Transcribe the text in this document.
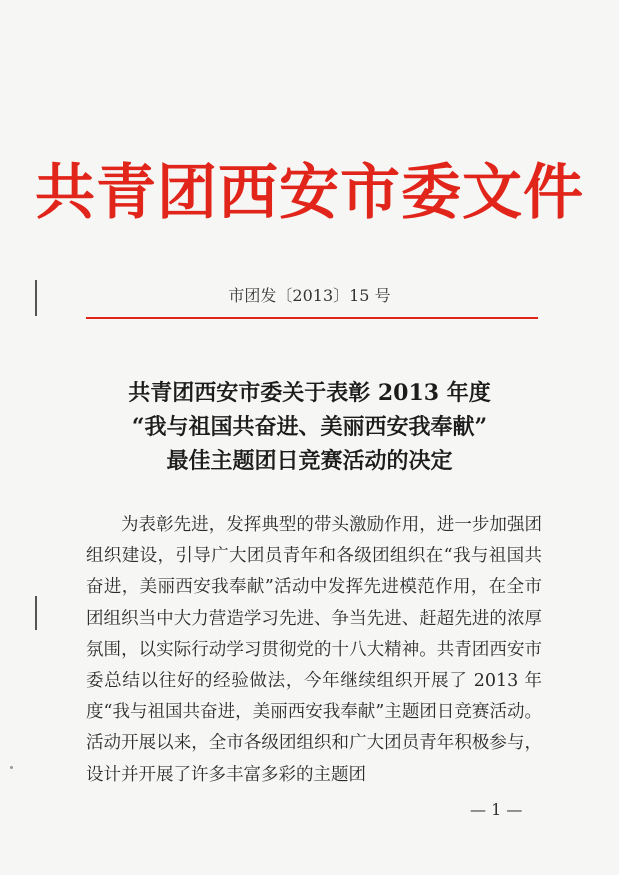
共青团西安市委文件
市团发〔2013〕15 号
共青团西安市委关于表彰 2013 年度
“我与祖国共奋进、美丽西安我奉献”
最佳主题团日竞赛活动的决定
为表彰先进，发挥典型的带头激励作用，进一步加强团组织建设，引导广大团员青年和各级团组织在“我与祖国共奋进，美丽西安我奉献”活动中发挥先进模范作用，在全市团组织当中大力营造学习先进、争当先进、赶超先进的浓厚氛围，以实际行动学习贯彻党的十八大精神。共青团西安市委总结以往好的经验做法，今年继续组织开展了 2013 年度“我与祖国共奋进，美丽西安我奉献”主题团日竞赛活动。活动开展以来，全市各级团组织和广大团员青年积极参与，设计并开展了许多丰富多彩的主题团
— 1 —
